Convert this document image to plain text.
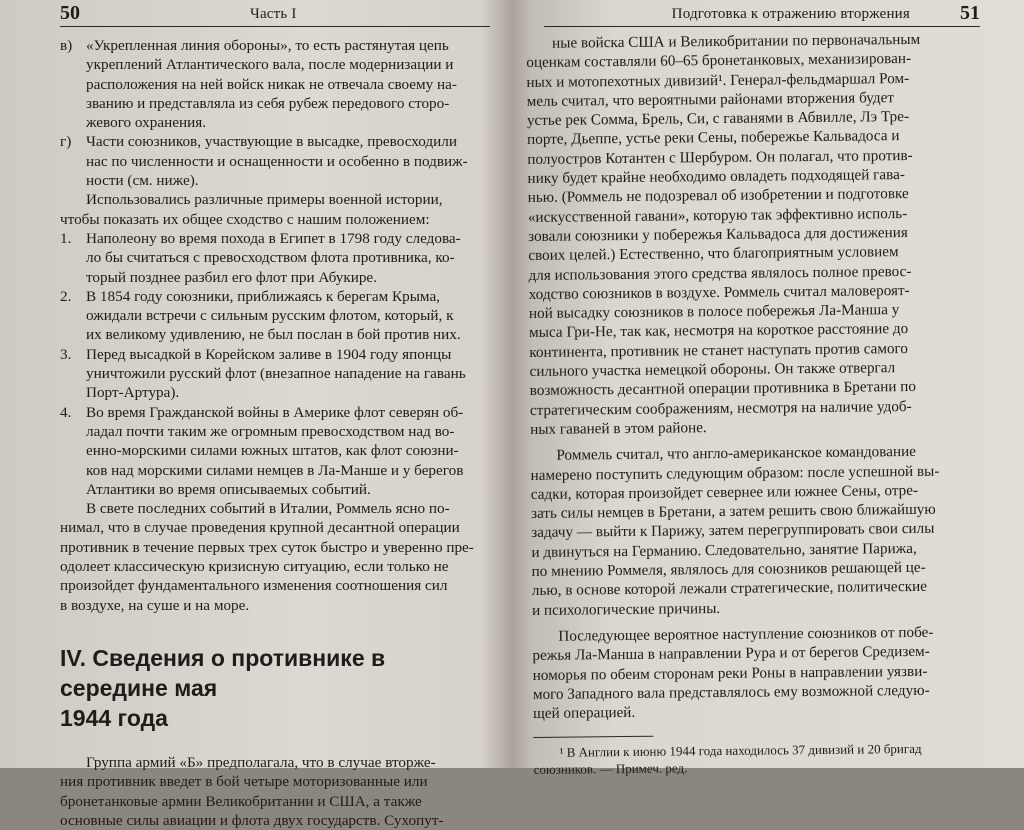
50	Часть I
в) «Укрепленная линия обороны», то есть растянутая цепь
укреплений Атлантического вала, после модернизации и
расположения на ней войск никак не отвечала своему на-
званию и представляла из себя рубеж передового сторо-
жевого охранения.
г) Части союзников, участвующие в высадке, превосходили
нас по численности и оснащенности и особенно в подвиж-
ности (см. ниже).
Использовались различные примеры военной истории,
чтобы показать их общее сходство с нашим положением:
1. Наполеону во время похода в Египет в 1798 году следова-
ло бы считаться с превосходством флота противника, ко-
торый позднее разбил его флот при Абукире.
2. В 1854 году союзники, приближаясь к берегам Крыма,
ожидали встречи с сильным русским флотом, который, к
их великому удивлению, не был послан в бой против них.
3. Перед высадкой в Корейском заливе в 1904 году японцы
уничтожили русский флот (внезапное нападение на гавань
Порт-Артура).
4. Во время Гражданской войны в Америке флот северян об-
ладал почти таким же огромным превосходством над во-
енно-морскими силами южных штатов, как флот союзни-
ков над морскими силами немцев в Ла-Манше и у берегов
Атлантики во время описываемых событий.
В свете последних событий в Италии, Роммель ясно по-
нимал, что в случае проведения крупной десантной операции
противник в течение первых трех суток быстро и уверенно пре-
одолеет классическую кризисную ситуацию, если только не
произойдет фундаментального изменения соотношения сил
в воздухе, на суше и на море.
IV. Сведения о противнике в середине мая
1944 года
Группа армий «Б» предполагала, что в случае вторже-
ния противник введет в бой четыре моторизованные или
бронетанковые армии Великобритании и США, а также
основные силы авиации и флота двух государств. Сухопут-
Подготовка к отражению вторжения	51
ные войска США и Великобритании по первоначальным
оценкам составляли 60–65 бронетанковых, механизирован-
ных и мотопехотных дивизий¹. Генерал-фельдмаршал Ром-
мель считал, что вероятными районами вторжения будет
устье рек Сомма, Брель, Си, с гаванями в Абвилле, Лэ Тре-
порте, Дьеппе, устье реки Сены, побережье Кальвадоса и
полуостров Котантен с Шербуром. Он полагал, что против-
нику будет крайне необходимо овладеть подходящей гава-
нью. (Роммель не подозревал об изобретении и подготовке
«искусственной гавани», которую так эффективно исполь-
зовали союзники у побережья Кальвадоса для достижения
своих целей.) Естественно, что благоприятным условием
для использования этого средства являлось полное превос-
ходство союзников в воздухе. Роммель считал маловероят-
ной высадку союзников в полосе побережья Ла-Манша у
мыса Гри-Не, так как, несмотря на короткое расстояние до
континента, противник не станет наступать против самого
сильного участка немецкой обороны. Он также отвергал
возможность десантной операции противника в Бретани по
стратегическим соображениям, несмотря на наличие удоб-
ных гаваней в этом районе.
Роммель считал, что англо-американское командование
намерено поступить следующим образом: после успешной вы-
садки, которая произойдет севернее или южнее Сены, отре-
зать силы немцев в Бретани, а затем решить свою ближайшую
задачу — выйти к Парижу, затем перегруппировать свои силы
и двинуться на Германию. Следовательно, занятие Парижа,
по мнению Роммеля, являлось для союзников решающей це-
лью, в основе которой лежали стратегические, политические
и психологические причины.
Последующее вероятное наступление союзников от побе-
режья Ла-Манша в направлении Рура и от берегов Средизем-
номорья по обеим сторонам реки Роны в направлении уязви-
мого Западного вала представлялось ему возможной следую-
щей операцией.
¹ В Англии к июню 1944 года находилось 37 дивизий и 20 бригад
союзников. — Примеч. ред.
